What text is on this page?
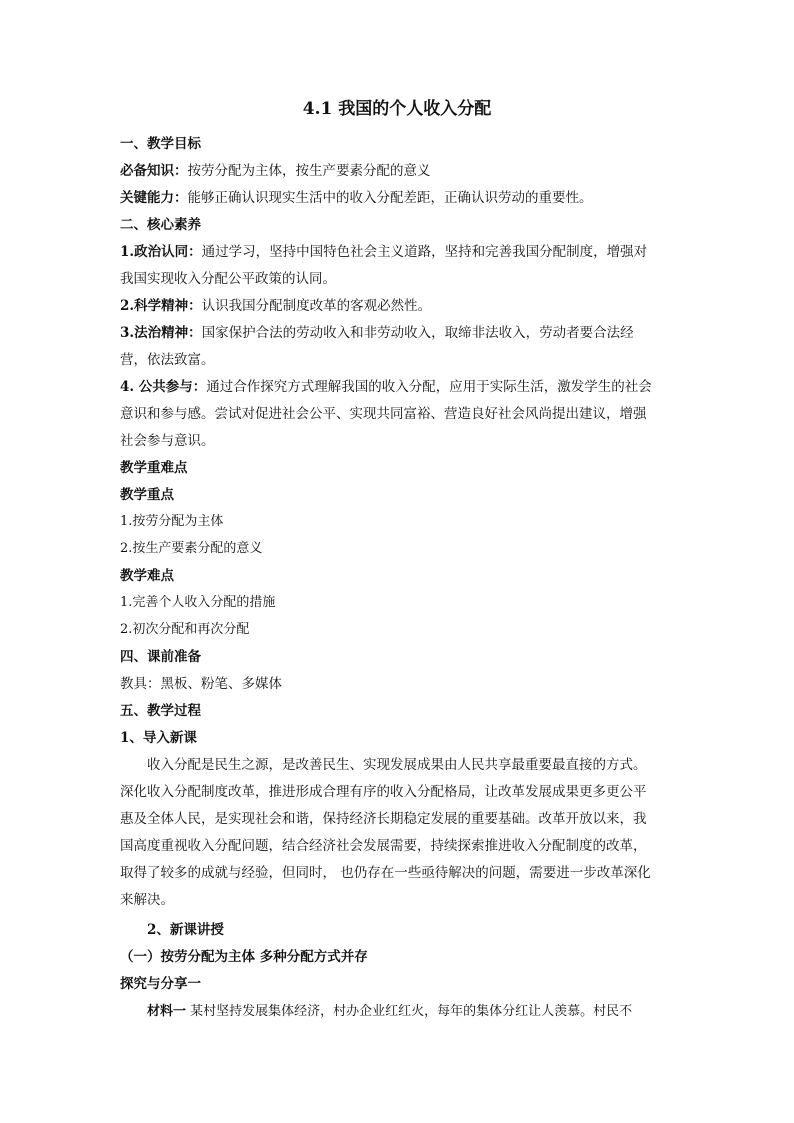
4.1 我国的个人收入分配
一、教学目标
必备知识：按劳分配为主体，按生产要素分配的意义
关键能力：能够正确认识现实生活中的收入分配差距，正确认识劳动的重要性。
二、核心素养
1.政治认同：通过学习，坚持中国特色社会主义道路，坚持和完善我国分配制度，增强对
我国实现收入分配公平政策的认同。
2.科学精神：认识我国分配制度改革的客观必然性。
3.法治精神：国家保护合法的劳动收入和非劳动收入，取缔非法收入，劳动者要合法经
营，依法致富。
4. 公共参与：通过合作探究方式理解我国的收入分配，应用于实际生活，激发学生的社会
意识和参与感。尝试对促进社会公平、实现共同富裕、营造良好社会风尚提出建议，增强
社会参与意识。
教学重难点
教学重点
1.按劳分配为主体
2.按生产要素分配的意义
教学难点
1.完善个人收入分配的措施
2.初次分配和再次分配
四、课前准备
教具：黑板、粉笔、多媒体
五、教学过程
1、导入新课
收入分配是民生之源，是改善民生、实现发展成果由人民共享最重要最直接的方式。
深化收入分配制度改革，推进形成合理有序的收入分配格局，让改革发展成果更多更公平
惠及全体人民，是实现社会和谐，保持经济长期稳定发展的重要基础。改革开放以来，我
国高度重视收入分配问题，结合经济社会发展需要，持续探索推进收入分配制度的改革，
取得了较多的成就与经验，但同时， 也仍存在一些亟待解决的问题，需要进一步改革深化
来解决。
2、新课讲授
（一）按劳分配为主体 多种分配方式并存
探究与分享一
材料一 某村坚持发展集体经济，村办企业红红火，每年的集体分红让人羡慕。村民不
